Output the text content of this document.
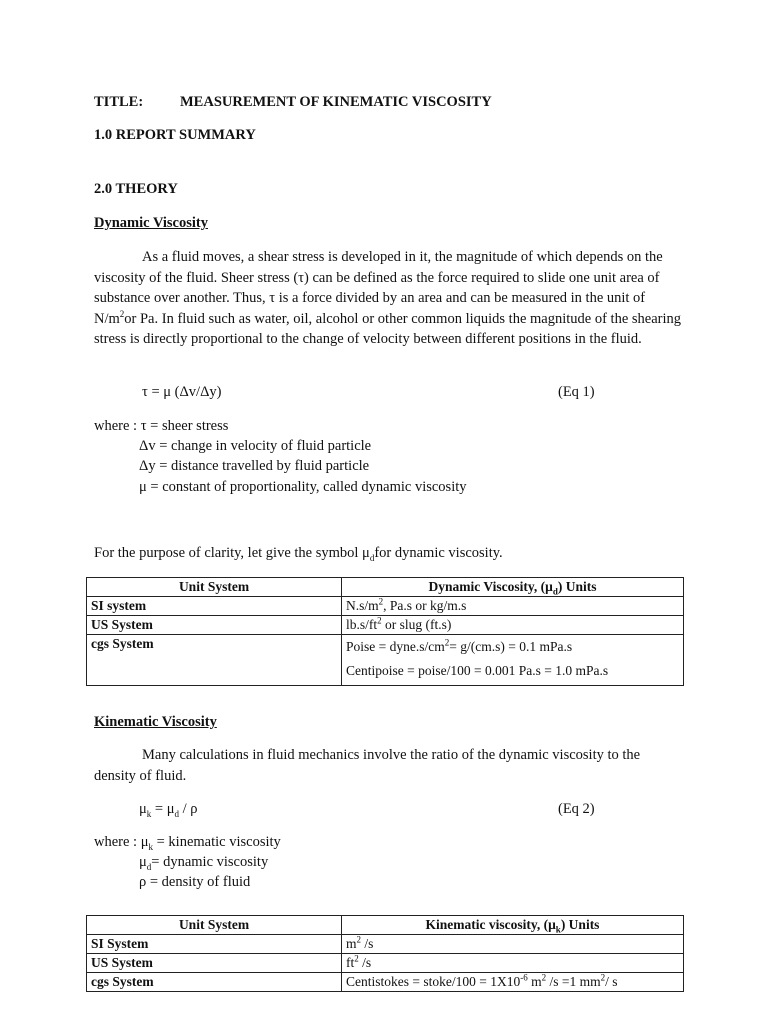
TITLE:	MEASUREMENT OF KINEMATIC VISCOSITY
1.0 REPORT SUMMARY
2.0 THEORY
Dynamic Viscosity
As a fluid moves, a shear stress is developed in it, the magnitude of which depends on the viscosity of the fluid. Sheer stress (τ) can be defined as the force required to slide one unit area of substance over another. Thus, τ is a force divided by an area and can be measured in the unit of $N/m^2or$ Pa. In fluid such as water, oil, alcohol or other common liquids the magnitude of the shearing stress is directly proportional to the change of velocity between different positions in the fluid.
τ = μ (Δv/Δy)	(Eq 1)
where : τ = sheer stress
Δv = change in velocity of fluid particle
Δy = distance travelled by fluid particle
μ = constant of proportionality, called dynamic viscosity
For the purpose of clarity, let give the symbol $\mu_dfor$ dynamic viscosity.
Unit System	Dynamic Viscosity, $(\mu_d)$ Units
SI system	$N.s/m^2$, Pa.s or kg/m.s
US System	$lb.s/ft^2$ or slug (ft.s)
cgs System	Poise = $dyne.s/cm^2= g/(cm.s) = 0.1$ mPa.s
Centipoise = poise/100 = 0.001 Pa.s = 1.0 mPa.s
Kinematic Viscosity
Many calculations in fluid mechanics involve the ratio of the dynamic viscosity to the density of fluid.
$\mu_k = \mu_d / \rho$	(Eq 2)
where : $\mu_k$ = kinematic viscosity
$\mu_d=$ dynamic viscosity
ρ = density of fluid
Unit System	Kinematic viscosity, $(\mu_k)$ Units
SI System	$m^2$ /s
US System	$ft^2$ /s
cgs System	Centistokes = stoke/100 = $1X10^{-6}$ $m^2$ /s =1 $mm^2/$ s
